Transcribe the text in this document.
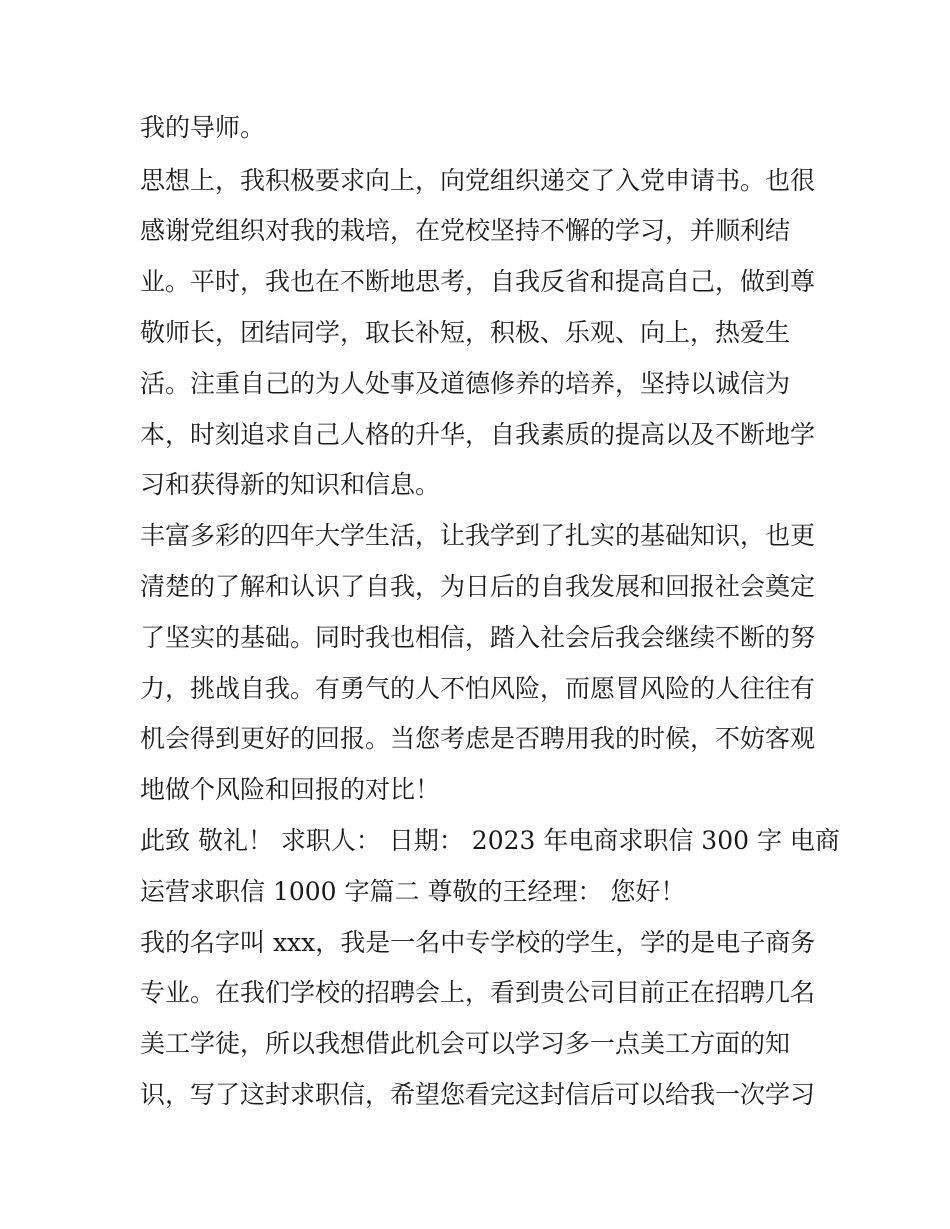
我的导师。
思想上，我积极要求向上，向党组织递交了入党申请书。也很
感谢党组织对我的栽培，在党校坚持不懈的学习，并顺利结
业。平时，我也在不断地思考，自我反省和提高自己，做到尊
敬师长，团结同学，取长补短，积极、乐观、向上，热爱生
活。注重自己的为人处事及道德修养的培养，坚持以诚信为
本，时刻追求自己人格的升华，自我素质的提高以及不断地学
习和获得新的知识和信息。
丰富多彩的四年大学生活，让我学到了扎实的基础知识，也更
清楚的了解和认识了自我，为日后的自我发展和回报社会奠定
了坚实的基础。同时我也相信，踏入社会后我会继续不断的努
力，挑战自我。有勇气的人不怕风险，而愿冒风险的人往往有
机会得到更好的回报。当您考虑是否聘用我的时候，不妨客观
地做个风险和回报的对比！
此致 敬礼！ 求职人： 日期： 2023 年电商求职信 300 字 电商
运营求职信 1000 字篇二 尊敬的王经理： 您好！
我的名字叫 xxx，我是一名中专学校的学生，学的是电子商务
专业。在我们学校的招聘会上，看到贵公司目前正在招聘几名
美工学徒，所以我想借此机会可以学习多一点美工方面的知
识，写了这封求职信，希望您看完这封信后可以给我一次学习
